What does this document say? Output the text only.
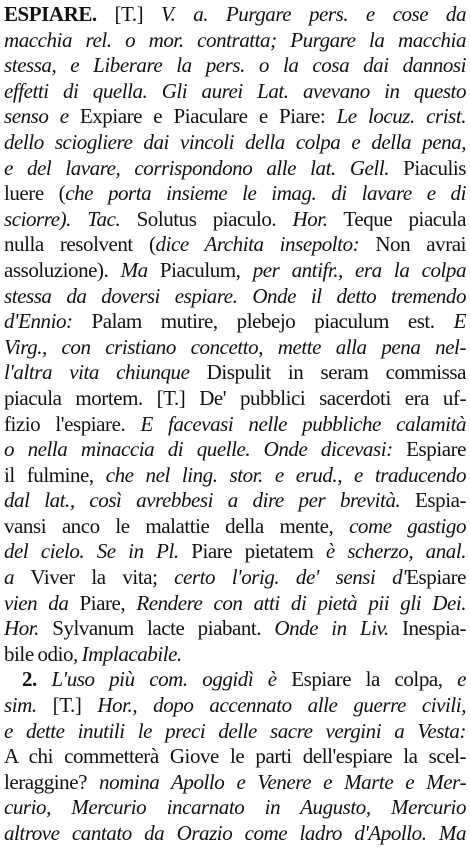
ESPIARE. [T.] V. a. Purgare pers. e cose da
macchia rel. o mor. contratta; Purgare la macchia
stessa, e Liberare la pers. o la cosa dai dannosi
effetti di quella. Gli aurei Lat. avevano in questo
senso e Expiare e Piaculare e Piare: Le locuz. crist.
dello sciogliere dai vincoli della colpa e della pena,
e del lavare, corrispondono alle lat. Gell. Piaculis
luere (che porta insieme le imag. di lavare e di
sciorre). Tac. Solutus piaculo. Hor. Teque piacula
nulla resolvent (dice Archita insepolto: Non avrai
assoluzione). Ma Piaculum, per antifr., era la colpa
stessa da doversi espiare. Onde il detto tremendo
d'Ennio: Palam mutire, plebejo piaculum est. E
Virg., con cristiano concetto, mette alla pena nel-
l'altra vita chiunque Dispulit in seram commissa
piacula mortem. [T.] De' pubblici sacerdoti era uf-
fizio l'espiare. E facevasi nelle pubbliche calamità
o nella minaccia di quelle. Onde dicevasi: Espiare
il fulmine, che nel ling. stor. e erud., e traducendo
dal lat., così avrebbesi a dire per brevità. Espia-
vansi anco le malattie della mente, come gastigo
del cielo. Se in Pl. Piare pietatem è scherzo, anal.
a Viver la vita; certo l'orig. de' sensi d'Espiare
vien da Piare, Rendere con atti di pietà pii gli Dei.
Hor. Sylvanum lacte piabant. Onde in Liv. Inespia-
bile odio, Implacabile.
2. L'uso più com. oggidì è Espiare la colpa, e
sim. [T.] Hor., dopo accennato alle guerre civili,
e dette inutili le preci delle sacre vergini a Vesta:
A chi commetterà Giove le parti dell'espiare la scel-
leraggine? nomina Apollo e Venere e Marte e Mer-
curio, Mercurio incarnato in Augusto, Mercurio
altrove cantato da Orazio come ladro d'Apollo. Ma
